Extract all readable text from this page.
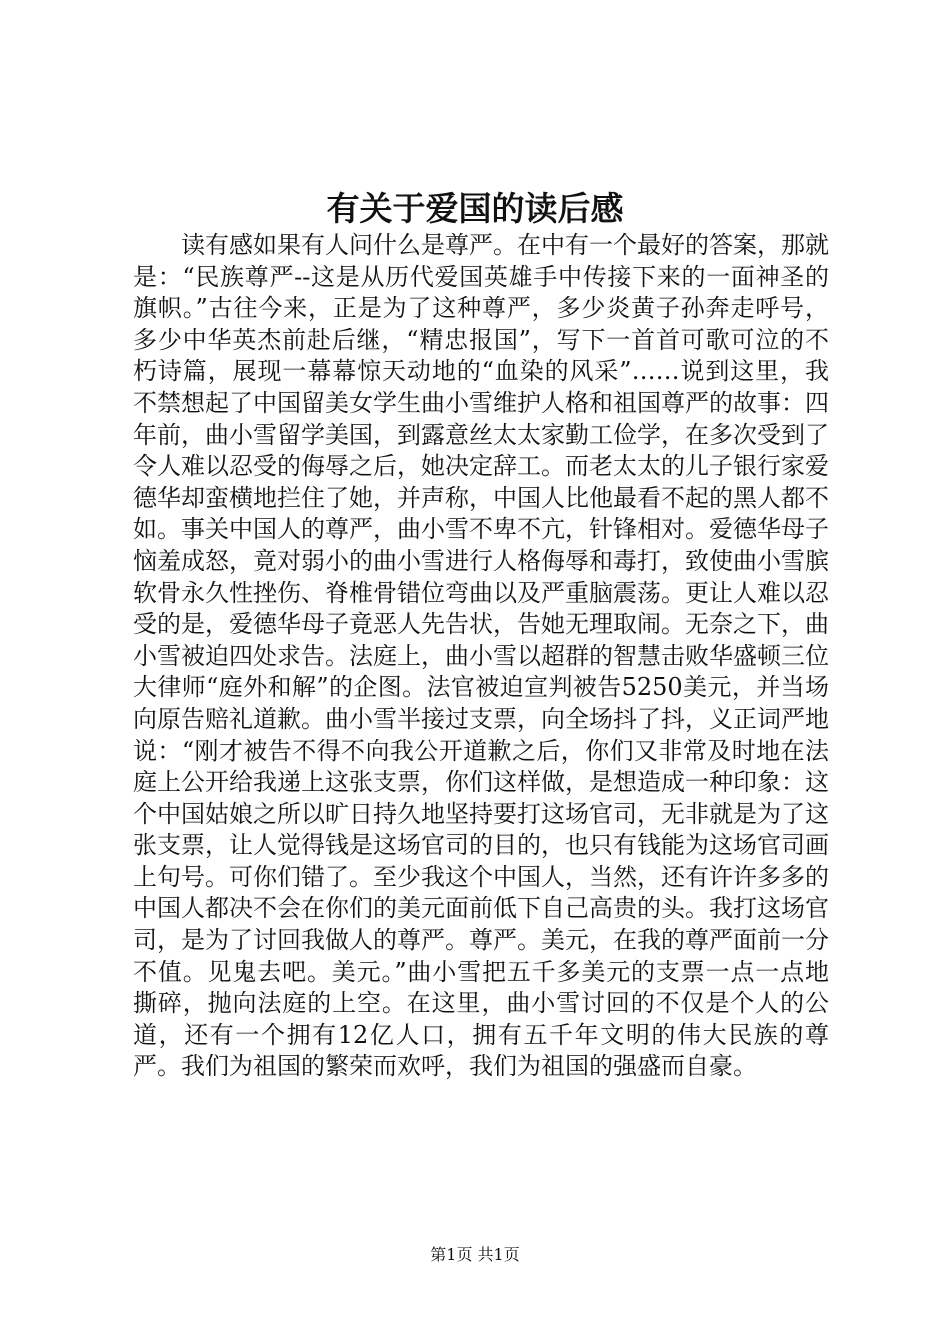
有关于爱国的读后感

读有感如果有人问什么是尊严。在中有一个最好的答案，那就是：“民族尊严--这是从历代爱国英雄手中传接下来的一面神圣的旗帜。”古往今来，正是为了这种尊严，多少炎黄子孙奔走呼号，多少中华英杰前赴后继，“精忠报国”，写下一首首可歌可泣的不朽诗篇，展现一幕幕惊天动地的“血染的风采”……说到这里，我不禁想起了中国留美女学生曲小雪维护人格和祖国尊严的故事：四年前，曲小雪留学美国，到露意丝太太家勤工俭学，在多次受到了令人难以忍受的侮辱之后，她决定辞工。而老太太的儿子银行家爱德华却蛮横地拦住了她，并声称，中国人比他最看不起的黑人都不如。事关中国人的尊严，曲小雪不卑不亢，针锋相对。爱德华母子恼羞成怒，竟对弱小的曲小雪进行人格侮辱和毒打，致使曲小雪膑软骨永久性挫伤、脊椎骨错位弯曲以及严重脑震荡。更让人难以忍受的是，爱德华母子竟恶人先告状，告她无理取闹。无奈之下，曲小雪被迫四处求告。法庭上，曲小雪以超群的智慧击败华盛顿三位大律师“庭外和解”的企图。法官被迫宣判被告5250美元，并当场向原告赔礼道歉。曲小雪半接过支票，向全场抖了抖，义正词严地说：“刚才被告不得不向我公开道歉之后，你们又非常及时地在法庭上公开给我递上这张支票，你们这样做，是想造成一种印象：这个中国姑娘之所以旷日持久地坚持要打这场官司，无非就是为了这张支票，让人觉得钱是这场官司的目的，也只有钱能为这场官司画上句号。可你们错了。至少我这个中国人，当然，还有许许多多的中国人都决不会在你们的美元面前低下自己高贵的头。我打这场官司，是为了讨回我做人的尊严。尊严。美元，在我的尊严面前一分不值。见鬼去吧。美元。”曲小雪把五千多美元的支票一点一点地撕碎，抛向法庭的上空。在这里，曲小雪讨回的不仅是个人的公道，还有一个拥有12亿人口，拥有五千年文明的伟大民族的尊严。我们为祖国的繁荣而欢呼，我们为祖国的强盛而自豪。

第1页 共1页
